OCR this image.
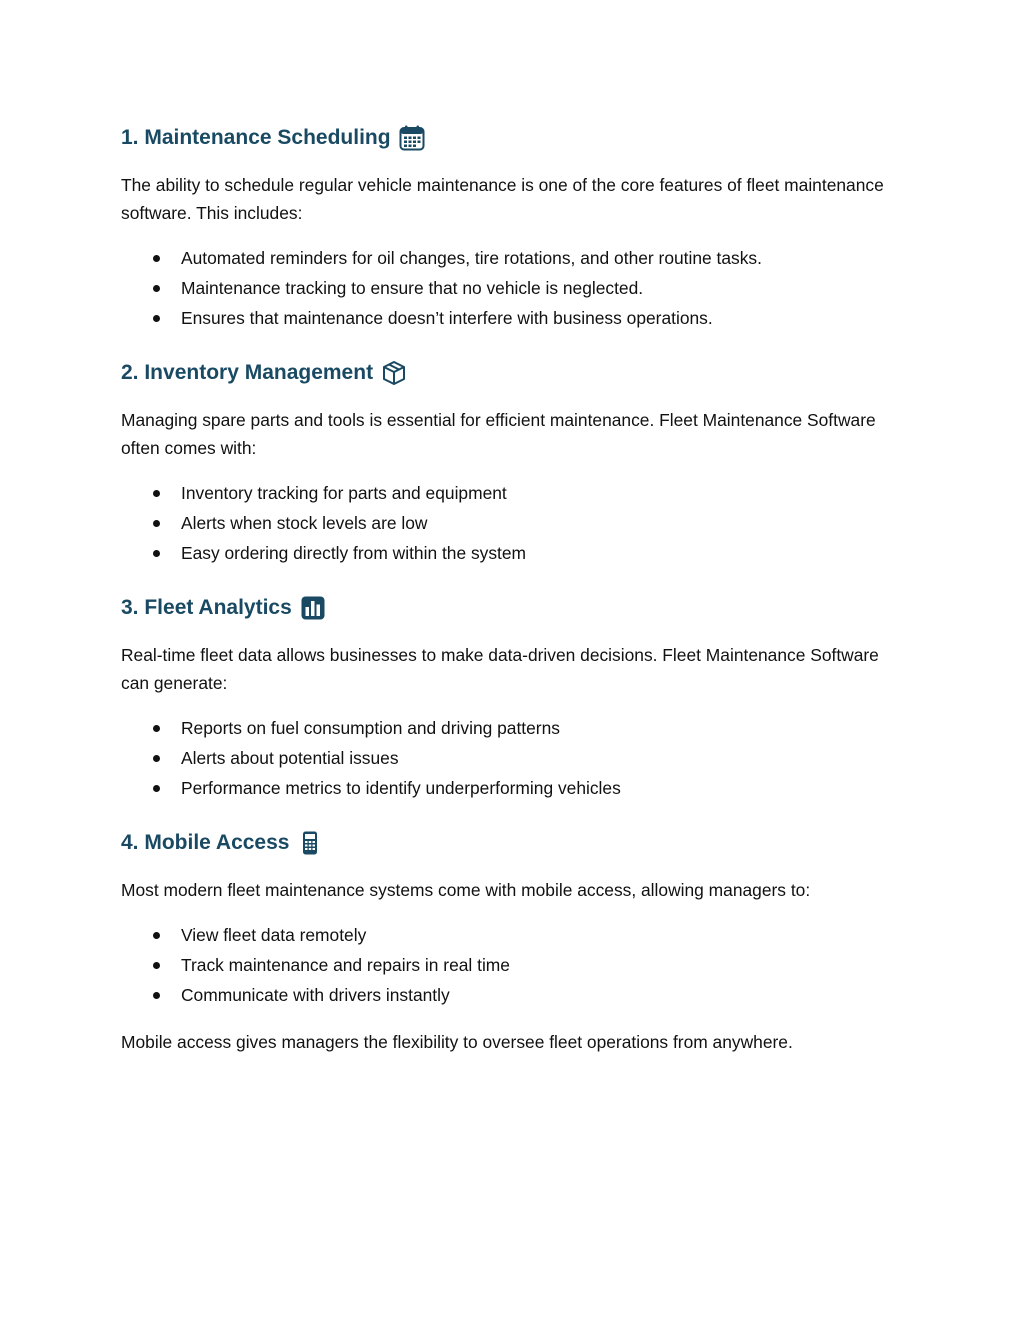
1. Maintenance Scheduling

The ability to schedule regular vehicle maintenance is one of the core features of fleet maintenance software. This includes:

Automated reminders for oil changes, tire rotations, and other routine tasks.
Maintenance tracking to ensure that no vehicle is neglected.
Ensures that maintenance doesn’t interfere with business operations.
2. Inventory Management

Managing spare parts and tools is essential for efficient maintenance. Fleet Maintenance Software often comes with:

Inventory tracking for parts and equipment
Alerts when stock levels are low
Easy ordering directly from within the system
3. Fleet Analytics

Real-time fleet data allows businesses to make data-driven decisions. Fleet Maintenance Software can generate:

Reports on fuel consumption and driving patterns
Alerts about potential issues
Performance metrics to identify underperforming vehicles
4. Mobile Access

Most modern fleet maintenance systems come with mobile access, allowing managers to:

View fleet data remotely
Track maintenance and repairs in real time
Communicate with drivers instantly

Mobile access gives managers the flexibility to oversee fleet operations from anywhere.
